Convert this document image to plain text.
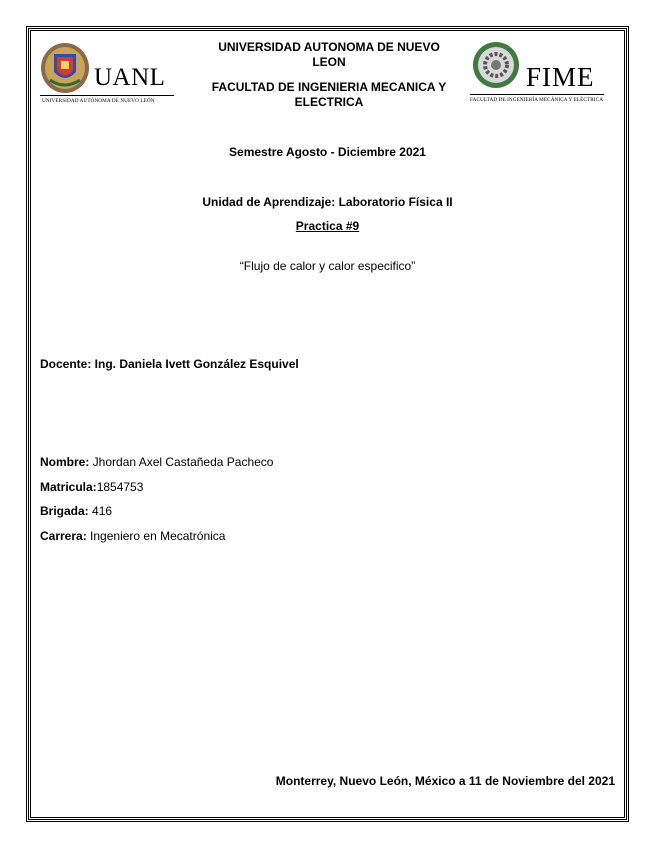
UANL
UNIVERSIDAD AUTÓNOMA DE NUEVO LEÓN
UNIVERSIDAD AUTONOMA DE NUEVO
LEON
FACULTAD DE INGENIERIA MECANICA Y
ELECTRICA
FIME
FACULTAD DE INGENIERÍA MECÁNICA Y ELÉCTRICA
Semestre Agosto - Diciembre 2021
Unidad de Aprendizaje: Laboratorio Física II
Practica #9
“Flujo de calor y calor especifico”
Docente: Ing. Daniela Ivett González Esquivel
Nombre: Jhordan Axel Castañeda Pacheco
Matricula:1854753
Brigada: 416
Carrera: Ingeniero en Mecatrónica
Monterrey, Nuevo León, México a 11 de Noviembre del 2021
